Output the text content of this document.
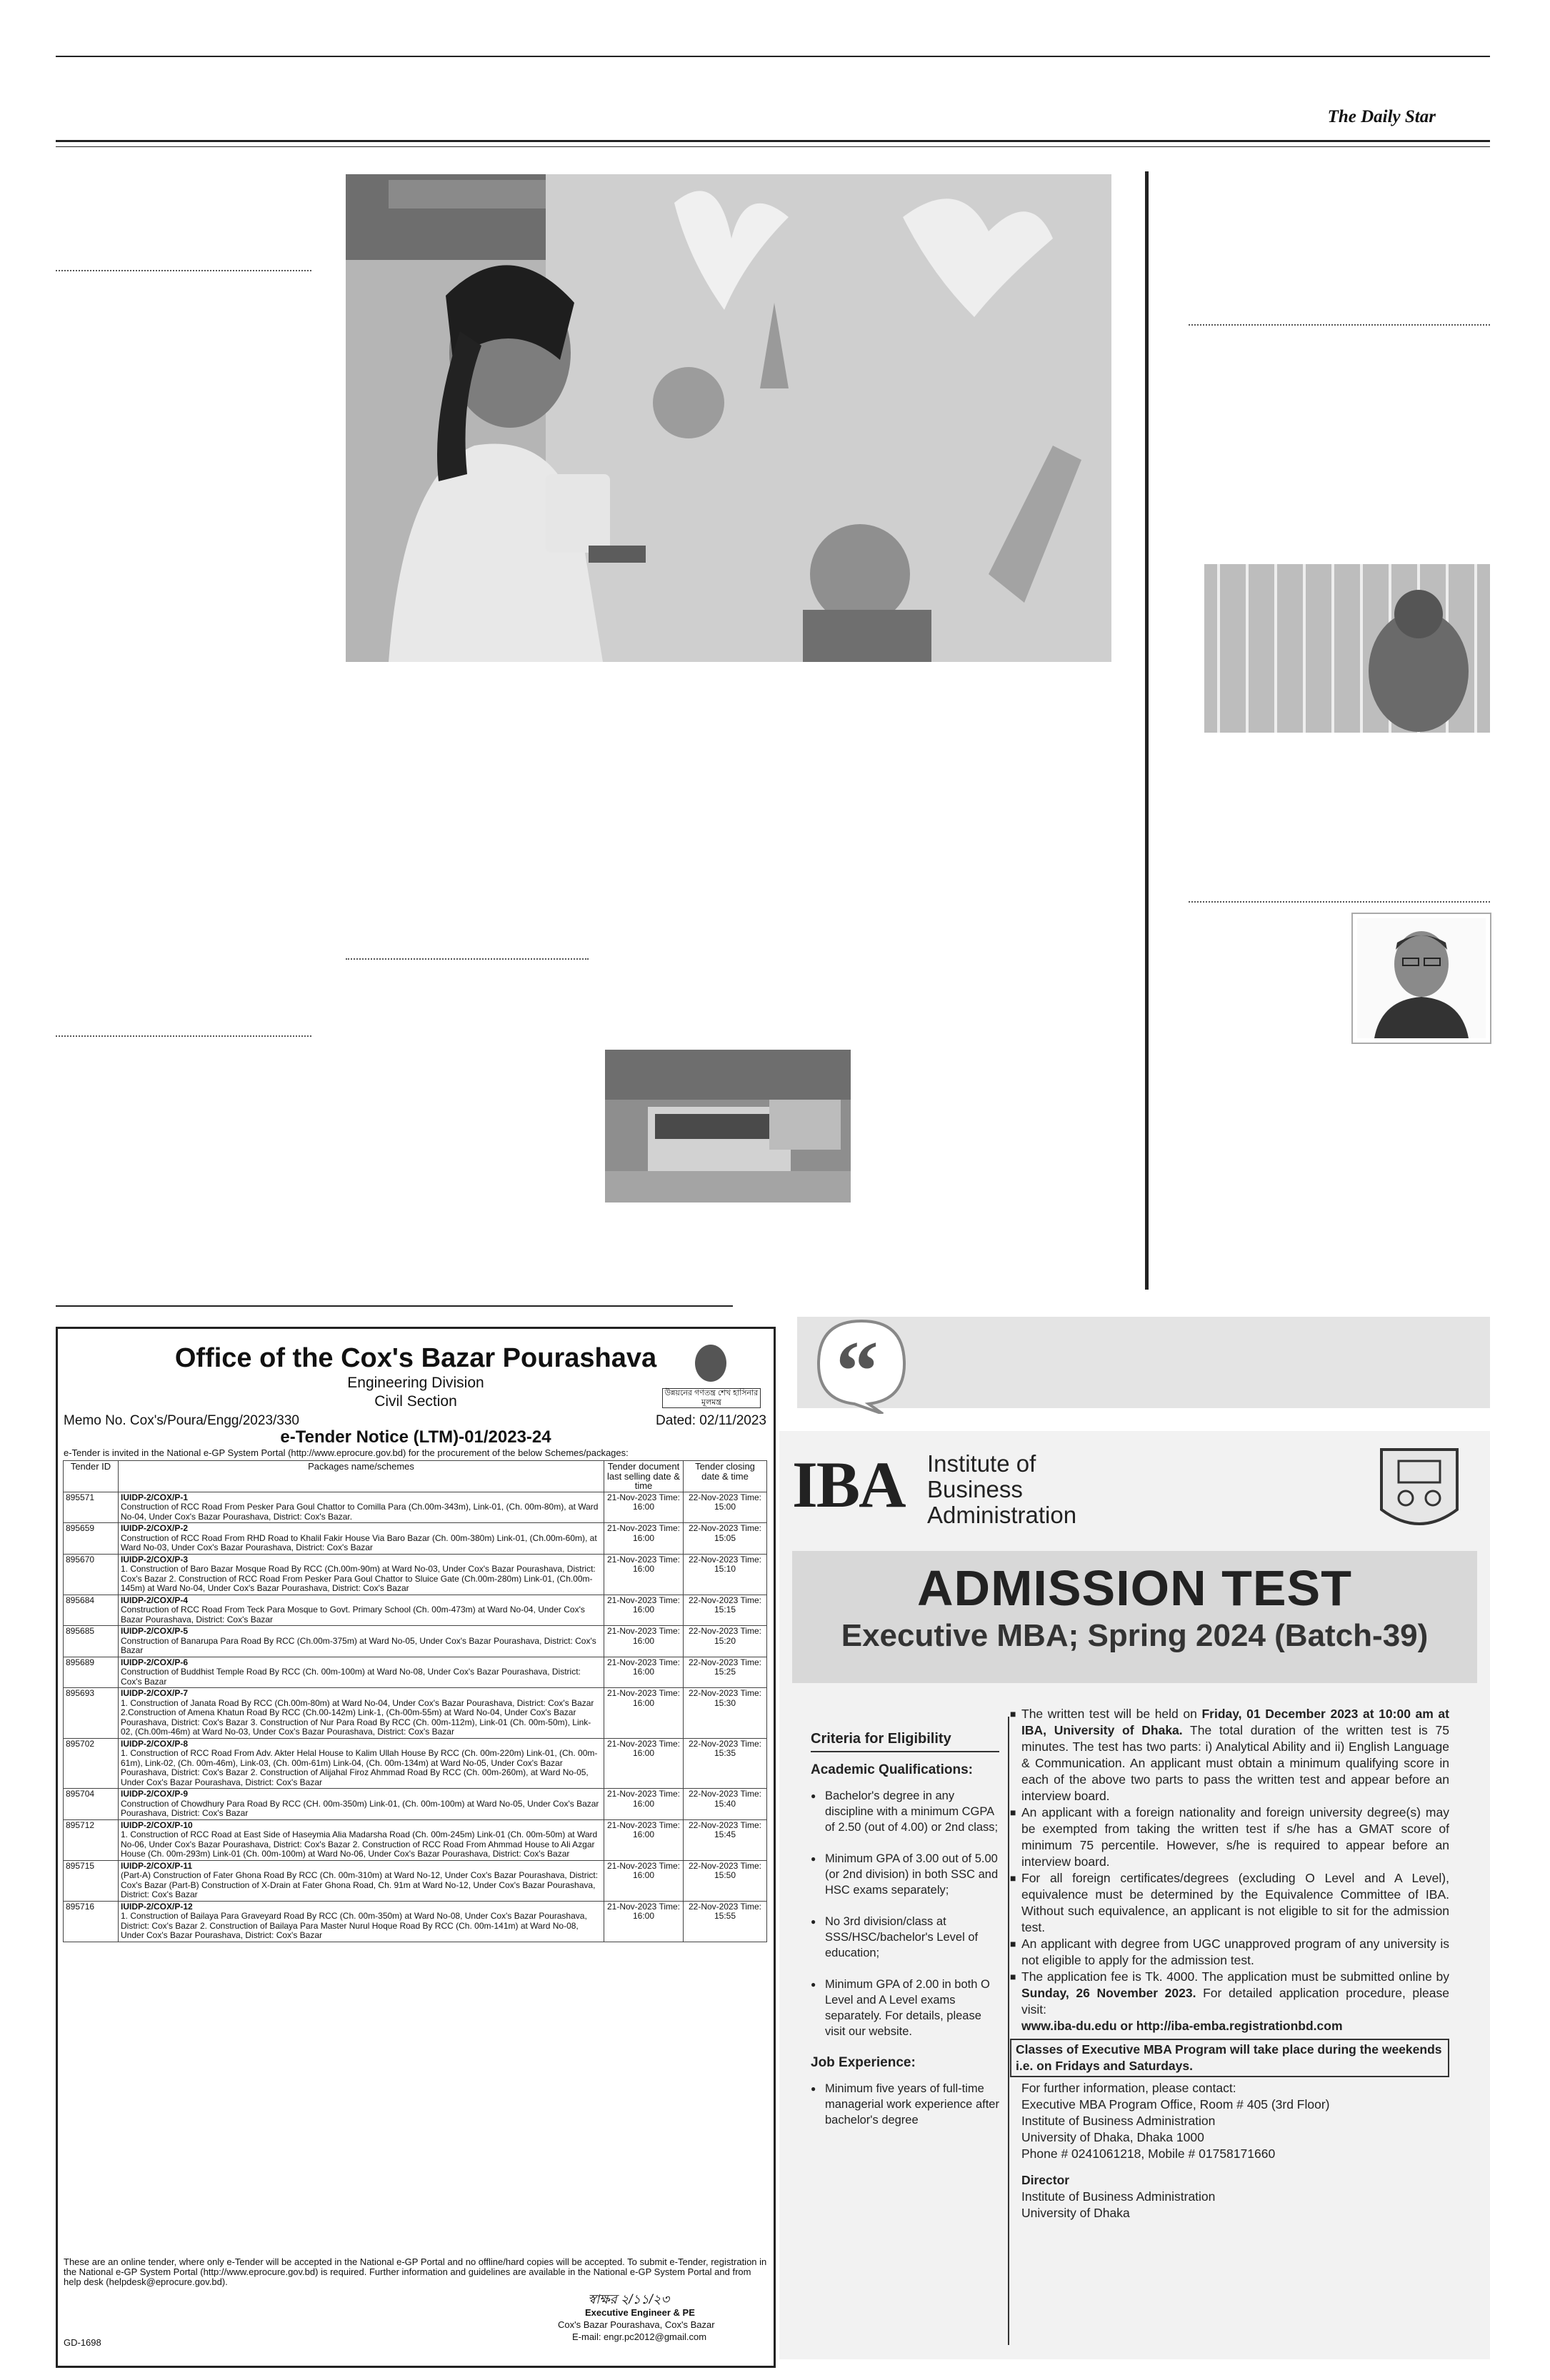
The Daily Star
Office of the Cox's Bazar Pourashava
Engineering Division
Civil Section	উন্নয়নের গণতন্ত্র শেখ হাসিনার মূলমন্ত্র
Memo No. Cox's/Poura/Engg/2023/330	Dated: 02/11/2023
e-Tender Notice (LTM)-01/2023-24
e-Tender is invited in the National e-GP System Portal (http://www.eprocure.gov.bd) for the procurement of the below Schemes/packages:
Tender ID	Packages name/schemes	Tender document last selling date & time	Tender closing date & time
895571	IUIDP-2/COX/P-1
Construction of RCC Road From Pesker Para Goul Chattor to Comilla Para (Ch.00m-343m), Link-01, (Ch. 00m-80m), at Ward No-04, Under Cox's Bazar Pourashava, District: Cox's Bazar.	21-Nov-2023 Time: 16:00	22-Nov-2023 Time: 15:00
895659	IUIDP-2/COX/P-2
Construction of RCC Road From RHD Road to Khalil Fakir House Via Baro Bazar (Ch. 00m-380m) Link-01, (Ch.00m-60m), at Ward No-03, Under Cox's Bazar Pourashava, District: Cox's Bazar	21-Nov-2023 Time: 16:00	22-Nov-2023 Time: 15:05
895670	IUIDP-2/COX/P-3
1. Construction of Baro Bazar Mosque Road By RCC (Ch.00m-90m) at Ward No-03, Under Cox's Bazar Pourashava, District: Cox's Bazar 2. Construction of RCC Road From Pesker Para Goul Chattor to Sluice Gate (Ch.00m-280m) Link-01, (Ch.00m-145m) at Ward No-04, Under Cox's Bazar Pourashava, District: Cox's Bazar	21-Nov-2023 Time: 16:00	22-Nov-2023 Time: 15:10
895684	IUIDP-2/COX/P-4
Construction of RCC Road From Teck Para Mosque to Govt. Primary School (Ch. 00m-473m) at Ward No-04, Under Cox's Bazar Pourashava, District: Cox's Bazar	21-Nov-2023 Time: 16:00	22-Nov-2023 Time: 15:15
895685	IUIDP-2/COX/P-5
Construction of Banarupa Para Road By RCC (Ch.00m-375m) at Ward No-05, Under Cox's Bazar Pourashava, District: Cox's Bazar	21-Nov-2023 Time: 16:00	22-Nov-2023 Time: 15:20
895689	IUIDP-2/COX/P-6
Construction of Buddhist Temple Road By RCC (Ch. 00m-100m) at Ward No-08, Under Cox's Bazar Pourashava, District: Cox's Bazar	21-Nov-2023 Time: 16:00	22-Nov-2023 Time: 15:25
895693	IUIDP-2/COX/P-7
1. Construction of Janata Road By RCC (Ch.00m-80m) at Ward No-04, Under Cox's Bazar Pourashava, District: Cox's Bazar 2.Construction of Amena Khatun Road By RCC (Ch.00-142m) Link-1, (Ch-00m-55m) at Ward No-04, Under Cox's Bazar Pourashava, District: Cox's Bazar 3. Construction of Nur Para Road By RCC (Ch. 00m-112m), Link-01 (Ch. 00m-50m), Link-02, (Ch.00m-46m) at Ward No-03, Under Cox's Bazar Pourashava, District: Cox's Bazar	21-Nov-2023 Time: 16:00	22-Nov-2023 Time: 15:30
895702	IUIDP-2/COX/P-8
1. Construction of RCC Road From Adv. Akter Helal House to Kalim Ullah House By RCC (Ch. 00m-220m) Link-01, (Ch. 00m-61m), Link-02, (Ch. 00m-46m), Link-03, (Ch. 00m-61m) Link-04, (Ch. 00m-134m) at Ward No-05, Under Cox's Bazar Pourashava, District: Cox's Bazar 2. Construction of Alijahal Firoz Ahmmad Road By RCC (Ch. 00m-260m), at Ward No-05, Under Cox's Bazar Pourashava, District: Cox's Bazar	21-Nov-2023 Time: 16:00	22-Nov-2023 Time: 15:35
895704	IUIDP-2/COX/P-9
Construction of Chowdhury Para Road By RCC (CH. 00m-350m) Link-01, (Ch. 00m-100m) at Ward No-05, Under Cox's Bazar Pourashava, District: Cox's Bazar	21-Nov-2023 Time: 16:00	22-Nov-2023 Time: 15:40
895712	IUIDP-2/COX/P-10
1. Construction of RCC Road at East Side of Haseymia Alia Madarsha Road (Ch. 00m-245m) Link-01 (Ch. 00m-50m) at Ward No-06, Under Cox's Bazar Pourashava, District: Cox's Bazar 2. Construction of RCC Road From Ahmmad House to Ali Azgar House (Ch. 00m-293m) Link-01 (Ch. 00m-100m) at Ward No-06, Under Cox's Bazar Pourashava, District: Cox's Bazar	21-Nov-2023 Time: 16:00	22-Nov-2023 Time: 15:45
895715	IUIDP-2/COX/P-11
(Part-A) Construction of Fater Ghona Road By RCC (Ch. 00m-310m) at Ward No-12, Under Cox's Bazar Pourashava, District: Cox's Bazar (Part-B) Construction of X-Drain at Fater Ghona Road, Ch. 91m at Ward No-12, Under Cox's Bazar Pourashava, District: Cox's Bazar	21-Nov-2023 Time: 16:00	22-Nov-2023 Time: 15:50
895716	IUIDP-2/COX/P-12
1. Construction of Bailaya Para Graveyard Road By RCC (Ch. 00m-350m) at Ward No-08, Under Cox's Bazar Pourashava, District: Cox's Bazar 2. Construction of Bailaya Para Master Nurul Hoque Road By RCC (Ch. 00m-141m) at Ward No-08, Under Cox's Bazar Pourashava, District: Cox's Bazar	21-Nov-2023 Time: 16:00	22-Nov-2023 Time: 15:55
These are an online tender, where only e-Tender will be accepted in the National e-GP Portal and no offline/hard copies will be accepted. To submit e-Tender, registration in the National e-GP System Portal (http://www.eprocure.gov.bd) is required. Further information and guidelines are available in the National e-GP System Portal and from help desk (helpdesk@eprocure.gov.bd).
স্বাক্ষর ২/১১/২৩
Executive Engineer & PE
Cox's Bazar Pourashava, Cox's Bazar
E-mail: engr.pc2012@gmail.com
GD-1698
“
IBA Institute of
Business
Administration
ADMISSION TEST
Executive MBA; Spring 2024 (Batch-39)
Criteria for Eligibility
Academic Qualifications:
● Bachelor's degree in any discipline with a minimum CGPA of 2.50 (out of 4.00) or 2nd class;
● Minimum GPA of 3.00 out of 5.00 (or 2nd division) in both SSC and HSC exams separately;
● No 3rd division/class at SSS/HSC/bachelor's Level of education;
● Minimum GPA of 2.00 in both O Level and A Level exams separately. For details, please visit our website.
Job Experience:
● Minimum five years of full-time managerial work experience after bachelor's degree
■ The written test will be held on Friday, 01 December 2023 at 10:00 am at IBA, University of Dhaka. The total duration of the written test is 75 minutes. The test has two parts: i) Analytical Ability and ii) English Language & Communication. An applicant must obtain a minimum qualifying score in each of the above two parts to pass the written test and appear before an interview board.
■ An applicant with a foreign nationality and foreign university degree(s) may be exempted from taking the written test if s/he has a GMAT score of minimum 75 percentile. However, s/he is required to appear before an interview board.
■ For all foreign certificates/degrees (excluding O Level and A Level), equivalence must be determined by the Equivalence Committee of IBA. Without such equivalence, an applicant is not eligible to sit for the admission test.
■ An applicant with degree from UGC unapproved program of any university is not eligible to apply for the admission test.
■ The application fee is Tk. 4000. The application must be submitted online by Sunday, 26 November 2023. For detailed application procedure, please visit:
www.iba-du.edu or http://iba-emba.registrationbd.com
Classes of Executive MBA Program will take place during the weekends i.e. on Fridays and Saturdays.
For further information, please contact:
Executive MBA Program Office, Room # 405 (3rd Floor)
Institute of Business Administration
University of Dhaka, Dhaka 1000
Phone # 0241061218, Mobile # 01758171660
Director
Institute of Business Administration
University of Dhaka
